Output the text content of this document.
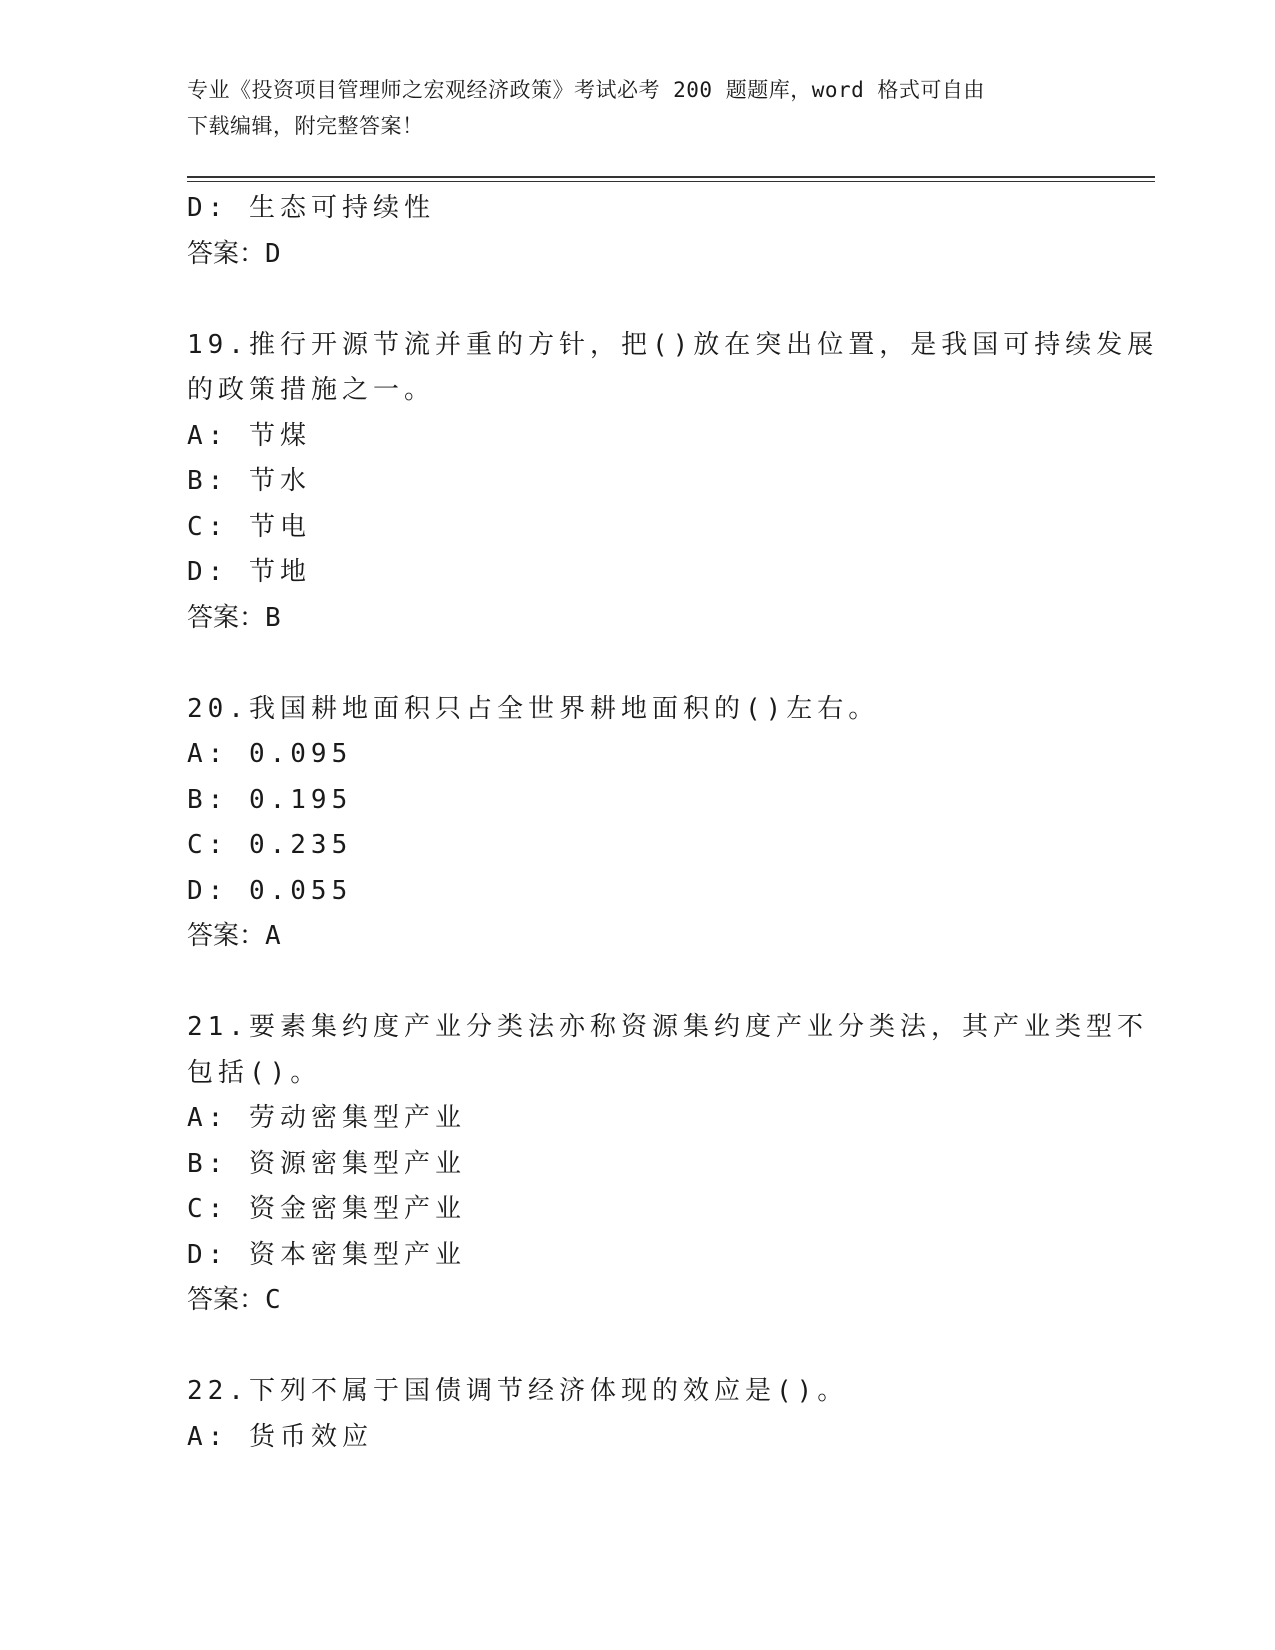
专业《投资项目管理师之宏观经济政策》考试必考 200 题题库，word 格式可自由
下载编辑，附完整答案！
D: 生态可持续性
答案：D
19.推行开源节流并重的方针，把()放在突出位置，是我国可持续发展
的政策措施之一。
A: 节煤
B: 节水
C: 节电
D: 节地
答案：B
20.我国耕地面积只占全世界耕地面积的()左右。
A: 0.095
B: 0.195
C: 0.235
D: 0.055
答案：A
21.要素集约度产业分类法亦称资源集约度产业分类法，其产业类型不
包括()。
A: 劳动密集型产业
B: 资源密集型产业
C: 资金密集型产业
D: 资本密集型产业
答案：C
22.下列不属于国债调节经济体现的效应是()。
A: 货币效应
